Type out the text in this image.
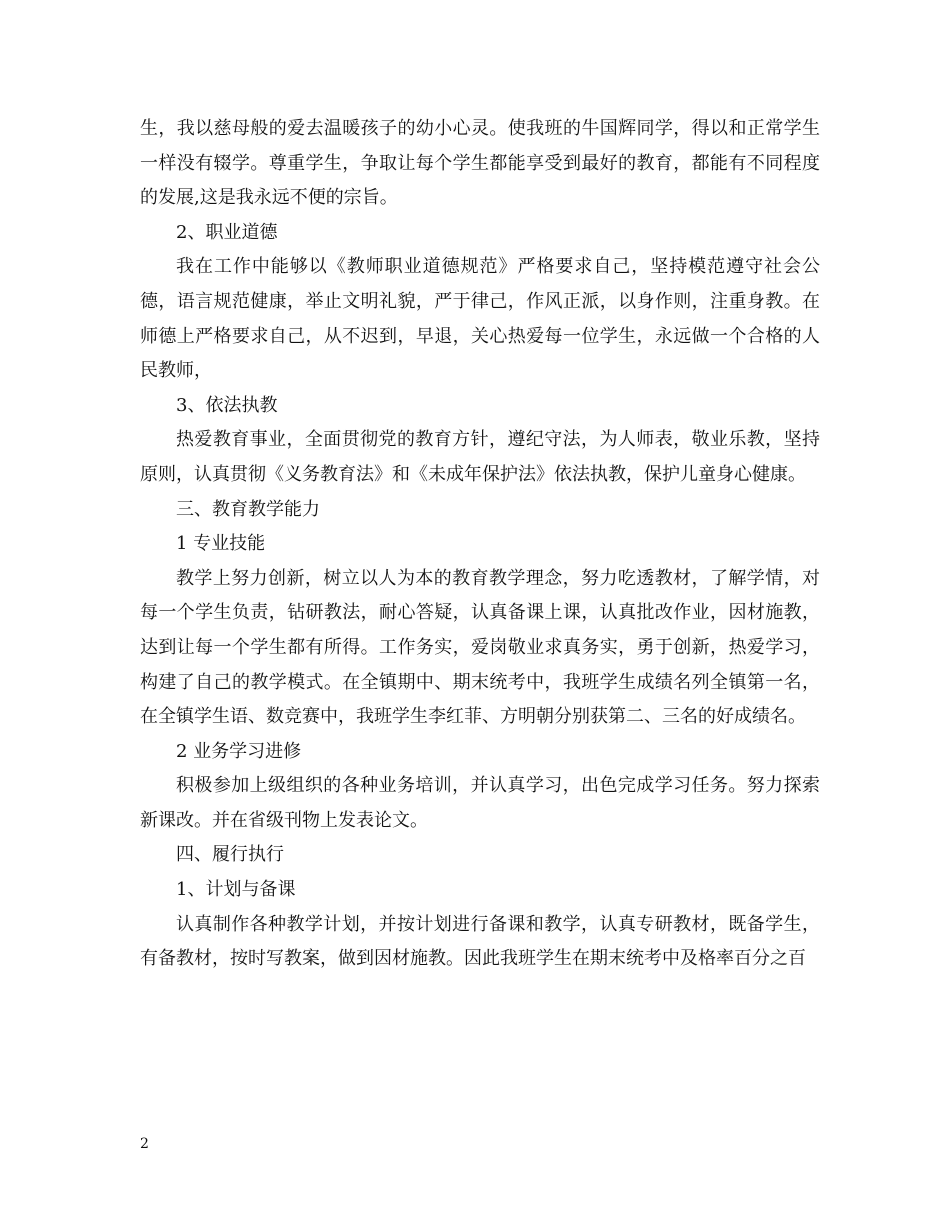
生，我以慈母般的爱去温暖孩子的幼小心灵。使我班的牛国辉同学，得以和正常学生一样没有辍学。尊重学生，争取让每个学生都能享受到最好的教育，都能有不同程度的发展,这是我永远不便的宗旨。

2、职业道德

我在工作中能够以《教师职业道德规范》严格要求自己，坚持模范遵守社会公德，语言规范健康，举止文明礼貌，严于律己，作风正派，以身作则，注重身教。在师德上严格要求自己，从不迟到，早退，关心热爱每一位学生，永远做一个合格的人民教师，

3、依法执教

热爱教育事业，全面贯彻党的教育方针，遵纪守法，为人师表，敬业乐教，坚持原则，认真贯彻《义务教育法》和《未成年保护法》依法执教，保护儿童身心健康。

三、教育教学能力

1 专业技能

教学上努力创新，树立以人为本的教育教学理念，努力吃透教材，了解学情，对每一个学生负责，钻研教法，耐心答疑，认真备课上课，认真批改作业，因材施教，达到让每一个学生都有所得。工作务实，爱岗敬业求真务实，勇于创新，热爱学习，构建了自己的教学模式。在全镇期中、期末统考中，我班学生成绩名列全镇第一名，在全镇学生语、数竞赛中，我班学生李红菲、方明朝分别获第二、三名的好成绩名。

2 业务学习进修

积极参加上级组织的各种业务培训，并认真学习，出色完成学习任务。努力探索新课改。并在省级刊物上发表论文。

四、履行执行

1、计划与备课

认真制作各种教学计划，并按计划进行备课和教学，认真专研教材，既备学生，有备教材，按时写教案，做到因材施教。因此我班学生在期末统考中及格率百分之百

2
